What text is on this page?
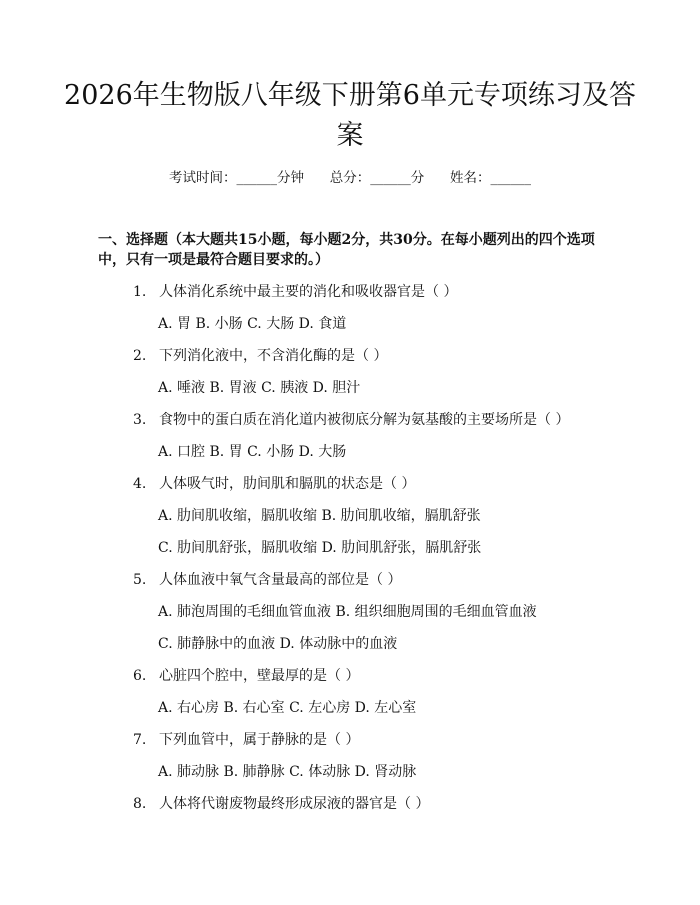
2026年生物版八年级下册第6单元专项练习及答案
考试时间：______分钟      总分：______分      姓名：______
一、选择题（本大题共15小题，每小题2分，共30分。在每小题列出的四个选项中，只有一项是最符合题目要求的。）
1. 人体消化系统中最主要的消化和吸收器官是（ ）
A. 胃 B. 小肠 C. 大肠 D. 食道
2. 下列消化液中，不含消化酶的是（ ）
A. 唾液 B. 胃液 C. 胰液 D. 胆汁
3. 食物中的蛋白质在消化道内被彻底分解为氨基酸的主要场所是（ ）
A. 口腔 B. 胃 C. 小肠 D. 大肠
4. 人体吸气时，肋间肌和膈肌的状态是（ ）
A. 肋间肌收缩，膈肌收缩 B. 肋间肌收缩，膈肌舒张
C. 肋间肌舒张，膈肌收缩 D. 肋间肌舒张，膈肌舒张
5. 人体血液中氧气含量最高的部位是（ ）
A. 肺泡周围的毛细血管血液 B. 组织细胞周围的毛细血管血液
C. 肺静脉中的血液 D. 体动脉中的血液
6. 心脏四个腔中，壁最厚的是（ ）
A. 右心房 B. 右心室 C. 左心房 D. 左心室
7. 下列血管中，属于静脉的是（ ）
A. 肺动脉 B. 肺静脉 C. 体动脉 D. 肾动脉
8. 人体将代谢废物最终形成尿液的器官是（ ）
